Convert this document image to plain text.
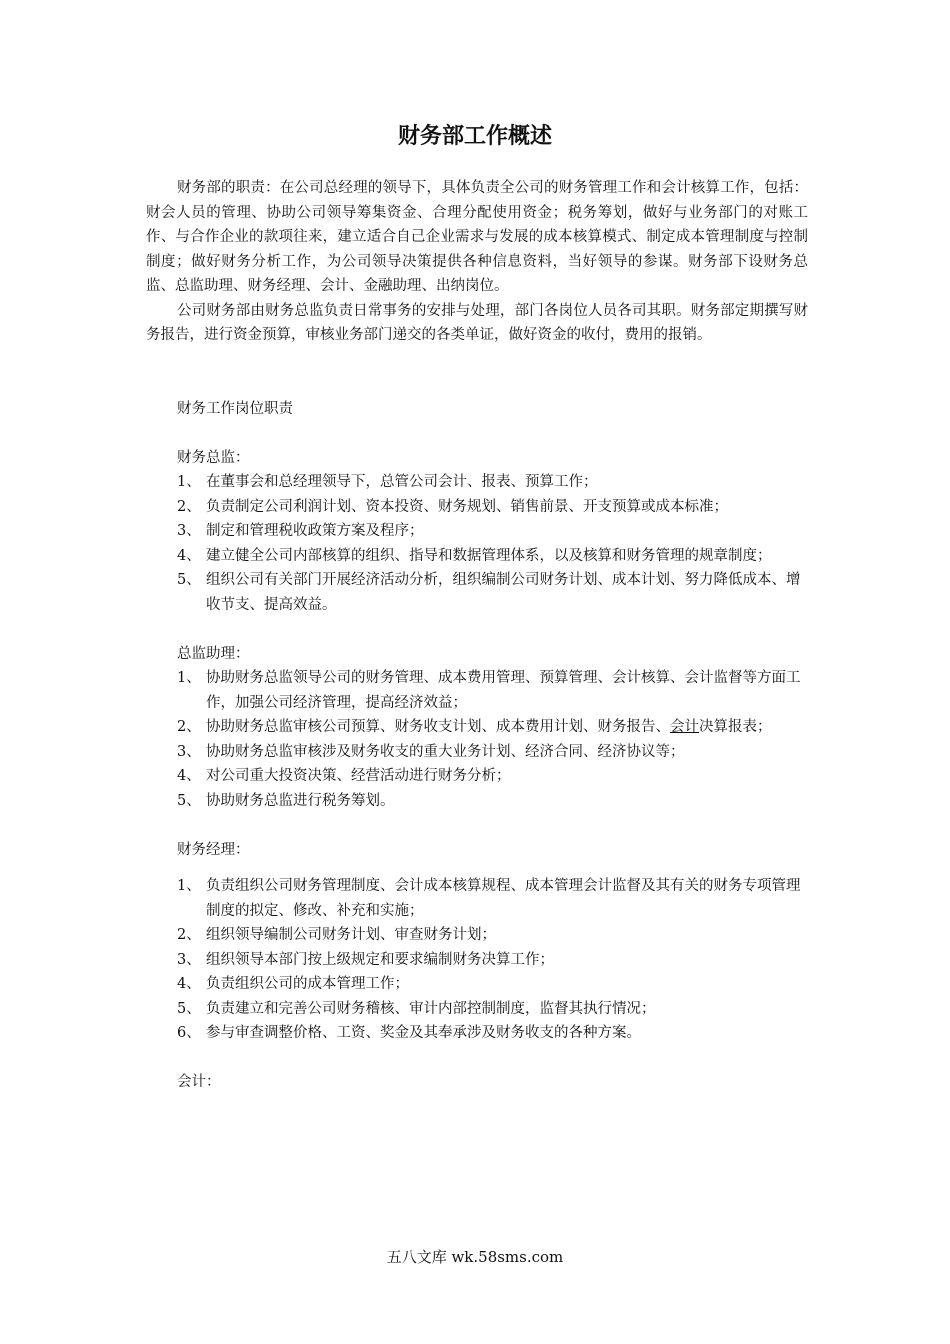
财务部工作概述

财务部的职责：在公司总经理的领导下，具体负责全公司的财务管理工作和会计核算工作，包括：财会人员的管理、协助公司领导筹集资金、合理分配使用资金；税务筹划，做好与业务部门的对账工作、与合作企业的款项往来，建立适合自己企业需求与发展的成本核算模式、制定成本管理制度与控制制度；做好财务分析工作，为公司领导决策提供各种信息资料，当好领导的参谋。财务部下设财务总监、总监助理、财务经理、会计、金融助理、出纳岗位。

公司财务部由财务总监负责日常事务的安排与处理，部门各岗位人员各司其职。财务部定期撰写财务报告，进行资金预算，审核业务部门递交的各类单证，做好资金的收付，费用的报销。

财务工作岗位职责

财务总监：

1、 在董事会和总经理领导下，总管公司会计、报表、预算工作；
2、 负责制定公司利润计划、资本投资、财务规划、销售前景、开支预算或成本标准；
3、 制定和管理税收政策方案及程序；
4、 建立健全公司内部核算的组织、指导和数据管理体系，以及核算和财务管理的规章制度；
5、 组织公司有关部门开展经济活动分析，组织编制公司财务计划、成本计划、努力降低成本、增收节支、提高效益。

总监助理：

1、 协助财务总监领导公司的财务管理、成本费用管理、预算管理、会计核算、会计监督等方面工作，加强公司经济管理，提高经济效益；
2、 协助财务总监审核公司预算、财务收支计划、成本费用计划、财务报告、会计决算报表；
3、 协助财务总监审核涉及财务收支的重大业务计划、经济合同、经济协议等；
4、 对公司重大投资决策、经营活动进行财务分析；
5、 协助财务总监进行税务筹划。

财务经理：

1、 负责组织公司财务管理制度、会计成本核算规程、成本管理会计监督及其有关的财务专项管理制度的拟定、修改、补充和实施；
2、 组织领导编制公司财务计划、审查财务计划；
3、 组织领导本部门按上级规定和要求编制财务决算工作；
4、 负责组织公司的成本管理工作；
5、 负责建立和完善公司财务稽核、审计内部控制制度，监督其执行情况；
6、 参与审查调整价格、工资、奖金及其奉承涉及财务收支的各种方案。

会计：

五八文库 wk.58sms.com
